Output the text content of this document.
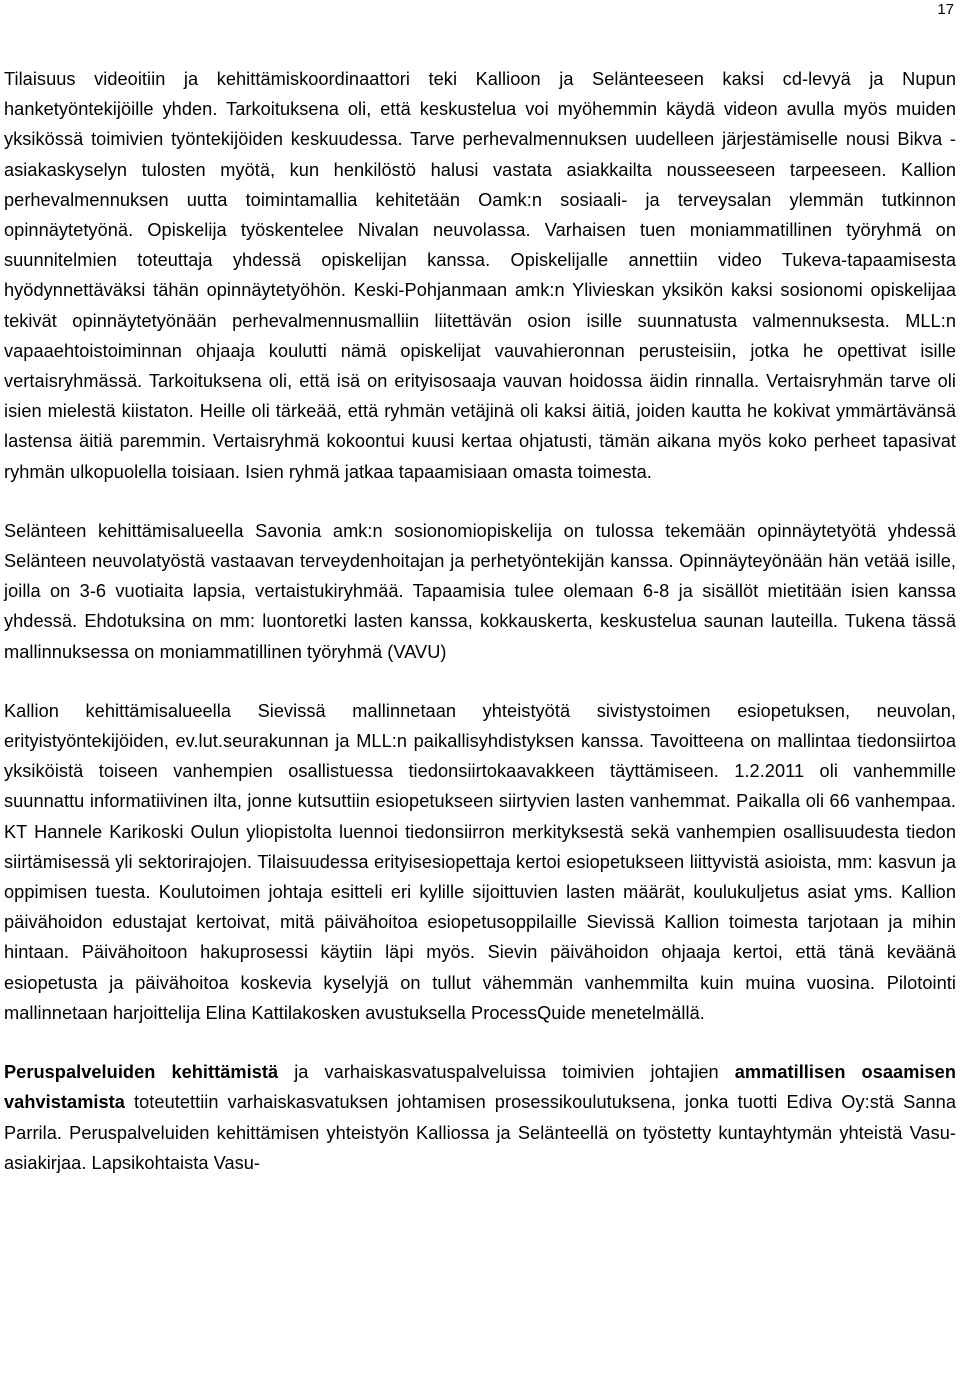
17

Tilaisuus videoitiin ja kehittämiskoordinaattori teki Kallioon ja Selänteeseen kaksi cd-levyä ja Nupun hanketyöntekijöille yhden. Tarkoituksena oli, että keskustelua voi myöhemmin käydä videon avulla myös muiden yksikössä toimivien työntekijöiden keskuudessa. Tarve perhevalmennuksen uudelleen järjestämiselle nousi Bikva -asiakaskyselyn tulosten myötä, kun henkilöstö halusi vastata asiakkailta nousseeseen tarpeeseen. Kallion perhevalmennuksen uutta toimintamallia kehitetään Oamk:n sosiaali- ja terveysalan ylemmän tutkinnon opinnäytetyönä. Opiskelija työskentelee Nivalan neuvolassa. Varhaisen tuen moniammatillinen työryhmä on suunnitelmien toteuttaja yhdessä opiskelijan kanssa. Opiskelijalle annettiin video Tukeva-tapaamisesta hyödynnettäväksi tähän opinnäytetyöhön. Keski-Pohjanmaan amk:n Ylivieskan yksikön kaksi sosionomi opiskelijaa tekivät opinnäytetyönään perhevalmennusmalliin liitettävän osion isille suunnatusta valmennuksesta. MLL:n vapaaehtoistoiminnan ohjaaja koulutti nämä opiskelijat vauvahieronnan perusteisiin, jotka he opettivat isille vertaisryhmässä. Tarkoituksena oli, että isä on erityisosaaja vauvan hoidossa äidin rinnalla. Vertaisryhmän tarve oli isien mielestä kiistaton. Heille oli tärkeää, että ryhmän vetäjinä oli kaksi äitiä, joiden kautta he kokivat ymmärtävänsä lastensa äitiä paremmin. Vertaisryhmä kokoontui kuusi kertaa ohjatusti, tämän aikana myös koko perheet tapasivat ryhmän ulkopuolella toisiaan. Isien ryhmä jatkaa tapaamisiaan omasta toimesta.

Selänteen kehittämisalueella Savonia amk:n sosionomiopiskelija on tulossa tekemään opinnäytetyötä yhdessä Selänteen neuvolatyöstä vastaavan terveydenhoitajan ja perhetyöntekijän kanssa. Opinnäyteyönään hän vetää isille, joilla on 3-6 vuotiaita lapsia, vertaistukiryhmää. Tapaamisia tulee olemaan 6-8 ja sisällöt mietitään isien kanssa yhdessä. Ehdotuksina on mm: luontoretki lasten kanssa, kokkauskerta, keskustelua saunan lauteilla. Tukena tässä mallinnuksessa on moniammatillinen työryhmä (VAVU)

Kallion kehittämisalueella Sievissä mallinnetaan yhteistyötä sivistystoimen esiopetuksen, neuvolan, erityistyöntekijöiden, ev.lut.seurakunnan ja MLL:n paikallisyhdistyksen kanssa. Tavoitteena on mallintaa tiedonsiirtoa yksiköistä toiseen vanhempien osallistuessa tiedonsiirtokaavakkeen täyttämiseen. 1.2.2011 oli vanhemmille suunnattu informatiivinen ilta, jonne kutsuttiin esiopetukseen siirtyvien lasten vanhemmat. Paikalla oli 66 vanhempaa. KT Hannele Karikoski Oulun yliopistolta luennoi tiedonsiirron merkityksestä sekä vanhempien osallisuudesta tiedon siirtämisessä yli sektorirajojen. Tilaisuudessa erityisesiopettaja kertoi esiopetukseen liittyvistä asioista, mm: kasvun ja oppimisen tuesta. Koulutoimen johtaja esitteli eri kylille sijoittuvien lasten määrät, koulukuljetus asiat yms. Kallion päivähoidon edustajat kertoivat, mitä päivähoitoa esiopetusoppilaille Sievissä Kallion toimesta tarjotaan ja mihin hintaan. Päivähoitoon hakuprosessi käytiin läpi myös. Sievin päivähoidon ohjaaja kertoi, että tänä keväänä esiopetusta ja päivähoitoa koskevia kyselyjä on tullut vähemmän vanhemmilta kuin muina vuosina. Pilotointi mallinnetaan harjoittelija Elina Kattilakosken avustuksella ProcessQuide menetelmällä.

Peruspalveluiden kehittämistä ja varhaiskasvatuspalveluissa toimivien johtajien ammatillisen osaamisen vahvistamista toteutettiin varhaiskasvatuksen johtamisen prosessikoulutuksena, jonka tuotti Ediva Oy:stä Sanna Parrila. Peruspalveluiden kehittämisen yhteistyön Kalliossa ja Selänteellä on työstetty kuntayhtymän yhteistä Vasu-asiakirjaa. Lapsikohtaista Vasu-
